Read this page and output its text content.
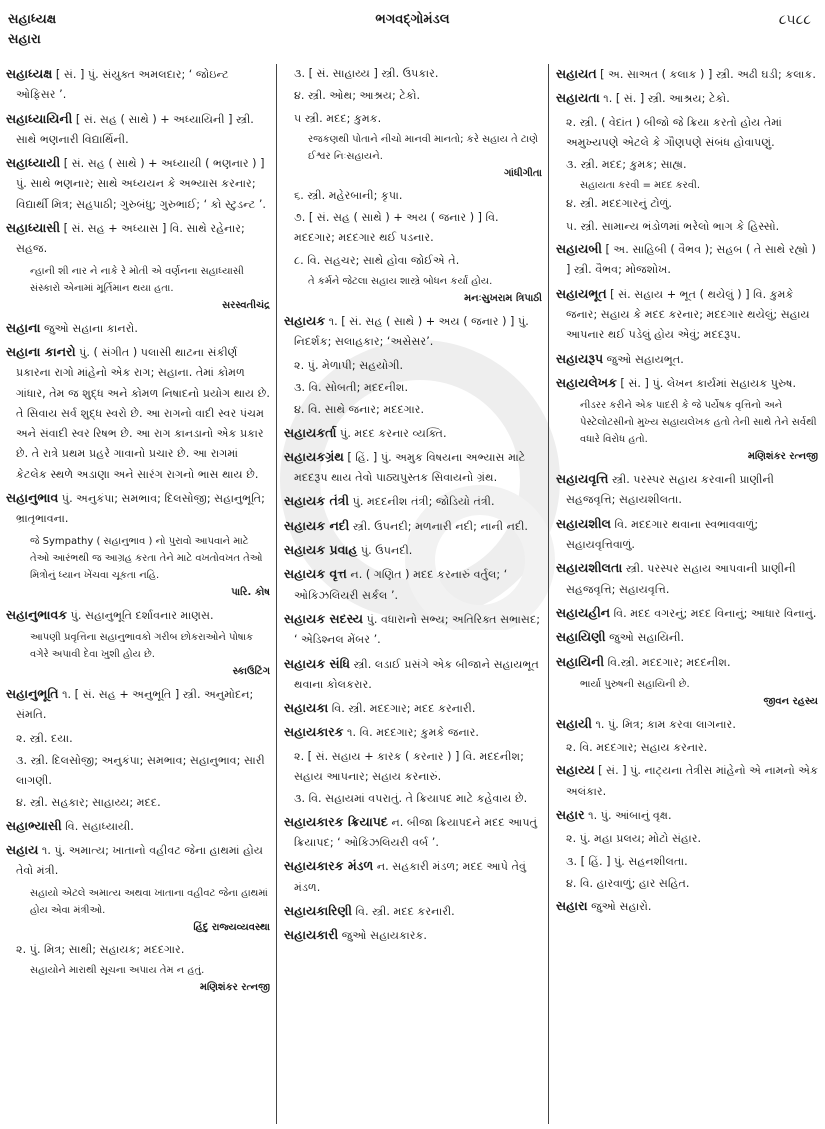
સહાધ્યક્ષ
સહારા
ભગવદ્ગોમંડલ	૮૫૮૮

સહાધ્યક્ષ [ સં. ] પું. સંયુક્ત અમલદાર; ‘ જોઇન્ટ ઓફિસર ’.

સહાધ્યાયિની [ સં. સહ ( સાથે ) + અધ્યાયિની ] સ્ત્રી. સાથે ભણનારી વિદ્યાર્થિની.

સહાધ્યાયી [ સં. સહ ( સાથે ) + અધ્યાયી ( ભણનાર ) ] પું. સાથે ભણનાર; સાથે અધ્યયન કે અભ્યાસ કરનાર; વિદ્યાર્થી મિત્ર; સહપાઠી; ગુરુબંધુ; ગુરુભાઈ; ‘ કો સ્ટુડન્ટ ’.

સહાધ્યાસી [ સં. સહ + અધ્યાસ ] વિ. સાથે રહેનાર; સહજ.

ન્હાની શી નાર ને નાકે રે મોતી એ વર્ણનના સહાધ્યાસી સંસ્કારો એનામાં મૂર્તિમાન થયા હતા.

સરસ્વતીચંદ્ર

સહાના જુઓ સહાના કાનરો.

સહાના કાનરો પું. ( સંગીત ) પલાસી થાટના સંકીર્ણ પ્રકારના રાગો માંહેનો એક રાગ; સહાના. તેમાં કોમળ ગાંધાર, તેમ જ શુદ્ધ અને કોમળ નિષાદનો પ્રયોગ થાય છે. તે સિવાય સર્વ શુદ્ધ સ્વરો છે. આ રાગનો વાદી સ્વર પંચમ અને સંવાદી સ્વર રિષભ છે. આ રાગ કાનડાનો એક પ્રકાર છે. તે રાત્રે પ્રથમ પ્રહરે ગાવાનો પ્રચાર છે. આ રાગમાં કેટલેક સ્થળે અડાણા અને સારંગ રાગનો ભાસ થાય છે.

સહાનુભાવ પું. અનુકંપા; સમભાવ; દિલસોજી; સહાનુભૂતિ; ભ્રાતૃભાવના.

જે Sympathy ( સહાનુભાવ ) નો પુરાવો આપવાને માટે તેઓ આરંભથી જ આગ્રહ કરતા તેને માટે વખતોવખત તેઓ મિત્રોનું ધ્યાન ખેંચવા ચૂકતા નહિ.

પારિ. કોષ

સહાનુભાવક પું. સહાનુભૂતિ દર્શાવનાર માણસ.

આપણી પ્રવૃત્તિના સહાનુભાવકો ગરીબ છોકરાઓને પોષાક વગેરે અપાવી દેવા ખુશી હોય છે.

સ્કાઉટિંગ

સહાનુભૂતિ ૧. [ સં. સહ + અનુભૂતિ ] સ્ત્રી. અનુમોદન; સંમતિ.

૨. સ્ત્રી. દયા.

૩. સ્ત્રી. દિલસોજી; અનુકંપા; સમભાવ; સહાનુભાવ; સારી લાગણી.

૪. સ્ત્રી. સહકાર; સાહાય્ય; મદદ.

સહાભ્યાસી વિ. સહાધ્યાયી.

સહાય ૧. પું. અમાત્ય; ખાતાનો વહીવટ જેના હાથમાં હોય તેવો મંત્રી.

સહાયો એટલે અમાત્ય અથવા ખાતાના વહીવટ જેના હાથમાં હોય એવા મંત્રીઓ.

હિંદુ રાજ્યવ્યવસ્થા

૨. પું. મિત્ર; સાથી; સહાયક; મદદગાર.

સહાયોને મારાથી સૂચના અપાય તેમ ન હતું.

મણિશંકર રત્નજી

૩. [ સં. સાહાય્ય ] સ્ત્રી. ઉપકાર.

૪. સ્ત્રી. ઓથ; આશ્રય; ટેકો.

૫ સ્ત્રી. મદદ; કુમક.

રજકણથી પોતાને નીચો માનવી માનતો; કરે સહાય તે ટાણે ઈશ્વર નિઃસહાયને.

ગાંધીગીતા

૬. સ્ત્રી. મહેરબાની; કૃપા.

૭. [ સં. સહ ( સાથે ) + અય ( જનાર ) ] વિ. મદદગાર; મદદગાર થઈ પડનાર.

૮. વિ. સહચર; સાથે હોવા જોઈએ તે.

તે કર્મને જેટલા સહાય શાસ્ત્રે બોધન કર્યાં હોય.

મનઃસુખરામ ત્રિપાઠી

સહાયક ૧. [ સં. સહ ( સાથે ) + અય ( જનાર ) ] પું. નિદર્શક; સલાહકાર; ‘અસેસર’.

૨. પું. મેળાપી; સહયોગી.

૩. વિ. સોબતી; મદદનીશ.

૪. વિ. સાથે જનાર; મદદગાર.

સહાયકર્તા પું. મદદ કરનાર વ્યક્તિ.

સહાયકગ્રંથ [ હિં. ] પું. અમુક વિષયના અભ્યાસ માટે મદદરૂપ થાય તેવો પાઠ્યપુસ્તક સિવાયનો ગ્રંથ.

સહાયક તંત્રી પું. મદદનીશ તંત્રી; જોડિયો તંત્રી.

સહાયક નદી સ્ત્રી. ઉપનદી; મળનારી નદી; નાની નદી.

સહાયક પ્રવાહ પું. ઉપનદી.

સહાયક વૃત્ત ન. ( ગણિત ) મદદ કરનારું વર્તુલ; ‘ ઓકિઝલિયરી સર્કલ ’.

સહાયક સદસ્ય પું. વધારાનો સભ્ય; અતિરિક્ત સભાસદ; ‘ એડિશ્નલ મેંબર ’.

સહાયક સંધિ સ્ત્રી. લડાઈ પ્રસંગે એક બીજાને સહાયભૂત થવાના કોલકરાર.

સહાયકા વિ. સ્ત્રી. મદદગાર; મદદ કરનારી.

સહાયકારક ૧. વિ. મદદગાર; કુમકે જનાર.

૨. [ સં. સહાય + કારક ( કરનાર ) ] વિ. મદદનીશ; સહાય આપનાર; સહાય કરનારું.

૩. વિ. સહાયમાં વપરાતું. તે ક્રિયાપદ માટે કહેવાય છે.

સહાયકારક ક્રિયાપદ ન. બીજા ક્રિયાપદને મદદ આપતું ક્રિયાપદ; ‘ ઓકિઝલિયરી વર્બ ’.

સહાયકારક મંડળ ન. સહકારી મંડળ; મદદ આપે તેવું મંડળ.

સહાયકારિણી વિ. સ્ત્રી. મદદ કરનારી.

સહાયકારી જુઓ સહાયકારક.

સહાયત [ અ. સાઅત ( કલાક ) ] સ્ત્રી. અઢી ઘડી; કલાક.

સહાયતા ૧. [ સં. ] સ્ત્રી. આશ્રય; ટેકો.

૨. સ્ત્રી. ( વેદાંત ) બીજો જે ક્રિયા કરતો હોય તેમાં અમુખ્યપણે એટલે કે ગૌણપણે સંબંધ હોવાપણું.

૩. સ્ત્રી. મદદ; કુમક; સાહ્ય.

સહાયતા કરવી = મદદ કરવી.

૪. સ્ત્રી. મદદગારનું ટોળું.

૫. સ્ત્રી. સામાન્ય ભંડોળમાં ભરેલો ભાગ કે હિસ્સો.

સહાયબી [ અ. સાહિબી ( વૈભવ ); સહબ ( તે સાથે રહ્યો ) ] સ્ત્રી. વૈભવ; મોજશોખ.

સહાયભૂત [ સં. સહાય + ભૂત ( થયેલું ) ] વિ. કુમકે જનાર; સહાય કે મદદ કરનાર; મદદગાર થયેલું; સહાય આપનાર થઈ પડેલું હોય એવું; મદદરૂપ.

સહાયરૂપ જુઓ સહાયભૂત.

સહાયલેખક [ સં. ] પું. લેખન કાર્યમાં સહાયક પુરુષ.

નીડરર કરીને એક પાદરી કે જે પર્યેષક વૃત્તિનો અને પેસ્ટેલોટસીનો મુખ્ય સહાયલેખક હતો તેની સાથે તેને સર્વથી વધારે વિરોધ હતો.

મણિશંકર રત્નજી

સહાયવૃત્તિ સ્ત્રી. પરસ્પર સહાય કરવાની પ્રાણીની સહજવૃત્તિ; સહાયશીલતા.

સહાયશીલ વિ. મદદગાર થવાના સ્વભાવવાળું; સહાયવૃત્તિવાળું.

સહાયશીલતા સ્ત્રી. પરસ્પર સહાય આપવાની પ્રાણીની સહજવૃત્તિ; સહાયવૃત્તિ.

સહાયહીન વિ. મદદ વગરનું; મદદ વિનાનું; આધાર વિનાનું.

સહાયિણી જુઓ સહાયિની.

સહાયિની વિ.સ્ત્રી. મદદગાર; મદદનીશ.

ભાર્યા પુરુષની સહાયિની છે.

જીવન રહસ્ય

સહાયી ૧. પું. મિત્ર; કામ કરવા લાગનાર.

૨. વિ. મદદગાર; સહાય કરનાર.

સહાય્ય [ સં. ] પું. નાટ્યના તેત્રીસ માંહેનો એ નામનો એક અલંકાર.

સહાર ૧. પું. આંબાનું વૃક્ષ.

૨. પું. મહા પ્રલય; મોટો સંહાર.

૩. [ હિં. ] પું. સહનશીલતા.

૪. વિ. હારવાળું; હાર સહિત.

સહારા જુઓ સહારો.
